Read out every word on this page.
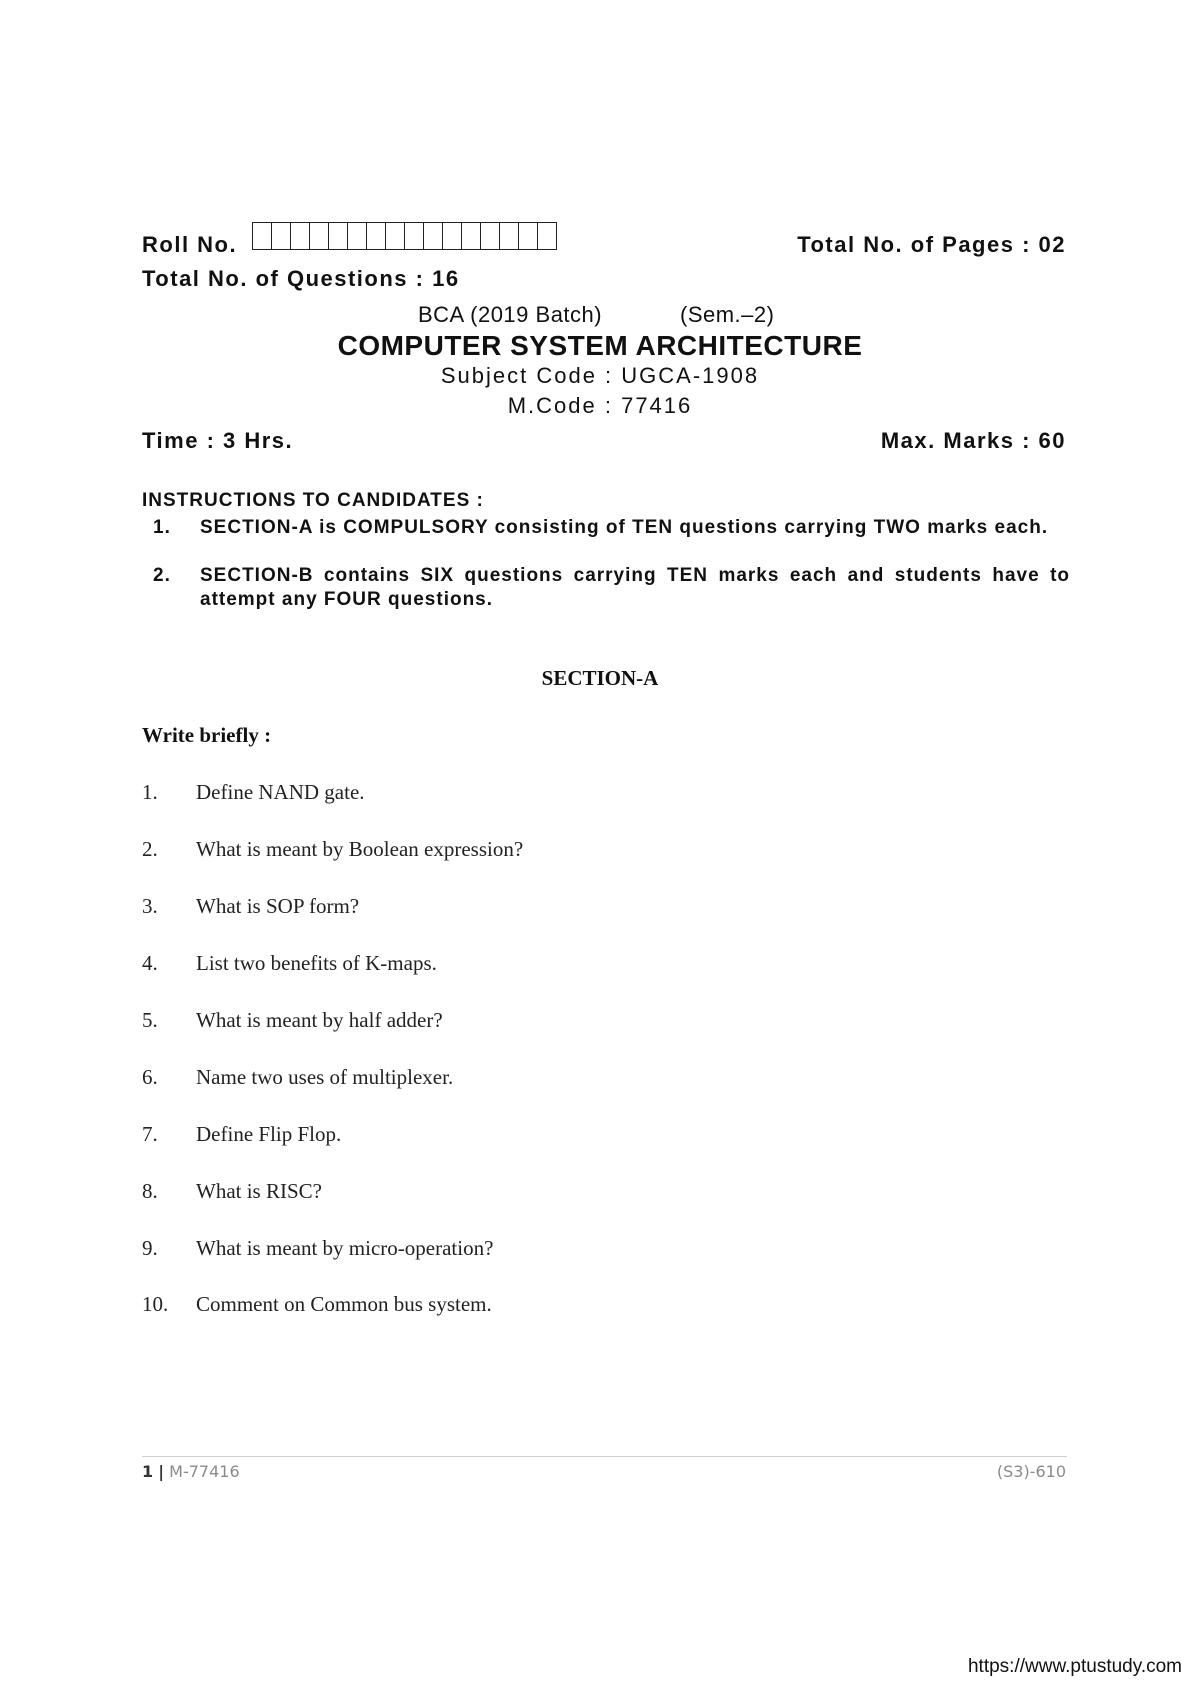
Roll No.	Total No. of Pages : 02
Total No. of Questions : 16
BCA (2019 Batch)	(Sem.–2)
COMPUTER SYSTEM ARCHITECTURE
Subject Code : UGCA-1908
M.Code : 77416
Time : 3 Hrs.	Max. Marks : 60
INSTRUCTIONS TO CANDIDATES :
1. SECTION-A is COMPULSORY consisting of TEN questions carrying TWO marks each.
2. SECTION-B contains SIX questions carrying TEN marks each and students have to attempt any FOUR questions.
SECTION-A
Write briefly :
1. Define NAND gate.
2. What is meant by Boolean expression?
3. What is SOP form?
4. List two benefits of K-maps.
5. What is meant by half adder?
6. Name two uses of multiplexer.
7. Define Flip Flop.
8. What is RISC?
9. What is meant by micro-operation?
10. Comment on Common bus system.
1 | M-77416	(S3)-610
https://www.ptustudy.com
